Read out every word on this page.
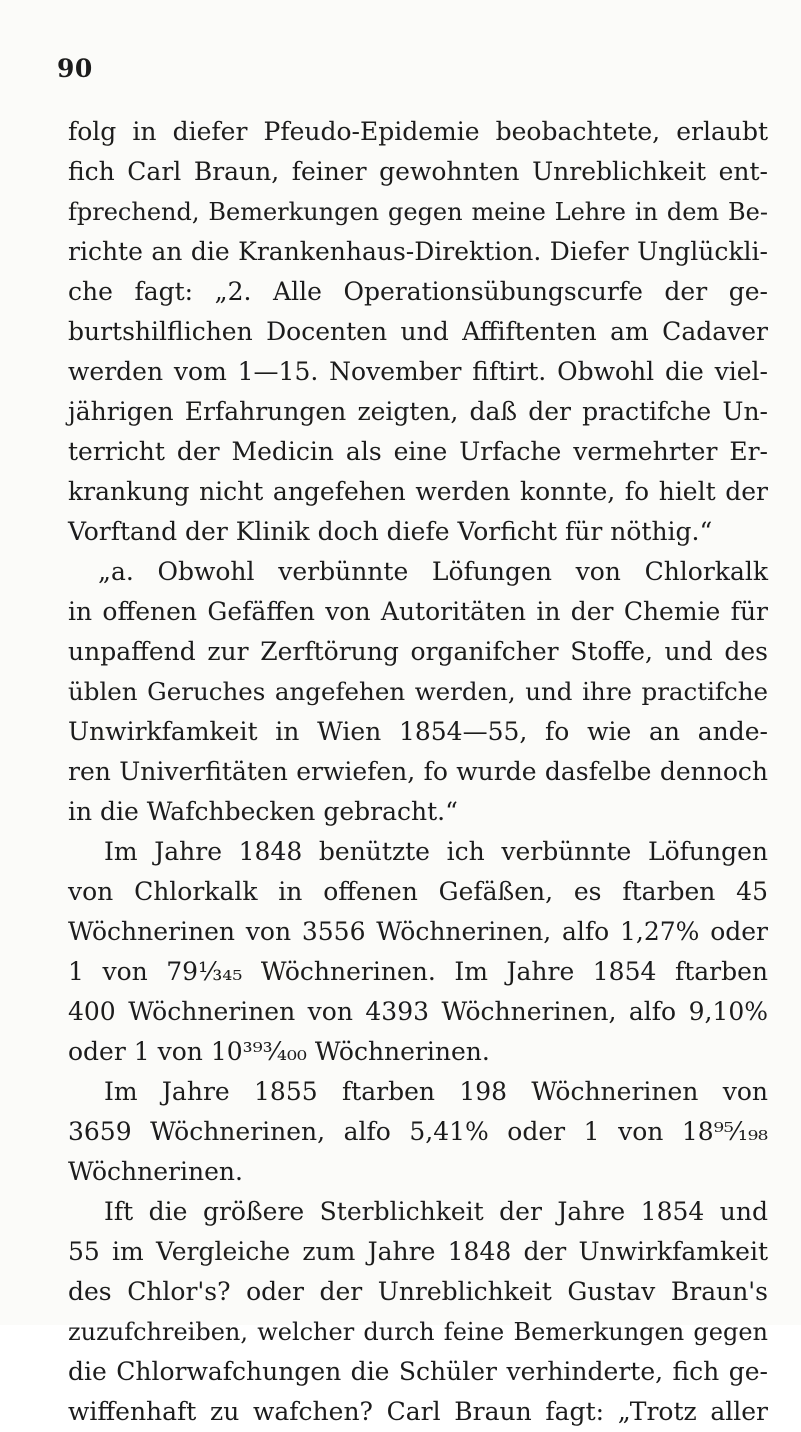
90
folg in diefer Pfeudo-Epidemie beobachtete, erlaubt
fich Carl Braun, feiner gewohnten Unreblichkeit ent-
fprechend, Bemerkungen gegen meine Lehre in dem Be-
richte an die Krankenhaus-Direktion. Diefer Unglückli-
che fagt: „2. Alle Operationsübungscurfe der ge-
burtshilflichen Docenten und Affiftenten am Cadaver
werden vom 1—15. November fiftirt. Obwohl die viel-
jährigen Erfahrungen zeigten, daß der practifche Un-
terricht der Medicin als eine Urfache vermehrter Er-
krankung nicht angefehen werden konnte, fo hielt der
Vorftand der Klinik doch diefe Vorficht für nöthig.“
„a. Obwohl verbünnte Löfungen von Chlorkalk
in offenen Gefäffen von Autoritäten in der Chemie für
unpaffend zur Zerftörung organifcher Stoffe, und des
üblen Geruches angefehen werden, und ihre practifche
Unwirkfamkeit in Wien 1854—55, fo wie an ande-
ren Univerfitäten erwiefen, fo wurde dasfelbe dennoch
in die Wafchbecken gebracht.“
Im Jahre 1848 benützte ich verbünnte Löfungen
von Chlorkalk in offenen Gefäßen, es ftarben 45
Wöchnerinen von 3556 Wöchnerinen, alfo 1,27% oder
1 von 79⅓₄₅ Wöchnerinen. Im Jahre 1854 ftarben
400 Wöchnerinen von 4393 Wöchnerinen, alfo 9,10%
oder 1 von 10³⁹³⁄₄₀₀ Wöchnerinen.
Im Jahre 1855 ftarben 198 Wöchnerinen von
3659 Wöchnerinen, alfo 5,41% oder 1 von 18⁹⁵⁄₁₉₈
Wöchnerinen.
Ift die größere Sterblichkeit der Jahre 1854 und
55 im Vergleiche zum Jahre 1848 der Unwirkfamkeit
des Chlor's? oder der Unreblichkeit Gustav Braun's
zuzufchreiben, welcher durch feine Bemerkungen gegen
die Chlorwafchungen die Schüler verhinderte, fich ge-
wiffenhaft zu wafchen? Carl Braun fagt: „Trotz aller
